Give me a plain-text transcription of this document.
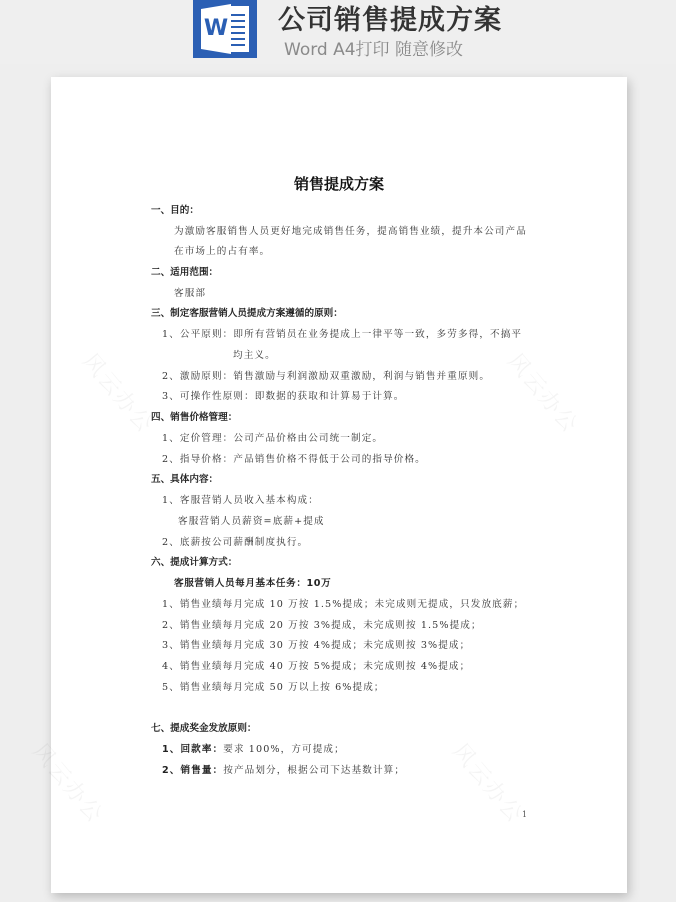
W 公司销售提成方案
Word A4打印 随意修改
销售提成方案
一、目的：
为激励客服销售人员更好地完成销售任务，提高销售业绩，提升本公司产品
在市场上的占有率。
二、适用范围：
客服部
三、制定客服营销人员提成方案遵循的原则：
1、公平原则：即所有营销员在业务提成上一律平等一致，多劳多得，不搞平
均主义。
2、激励原则：销售激励与利润激励双重激励，利润与销售并重原则。
3、可操作性原则：即数据的获取和计算易于计算。
四、销售价格管理：
1、定价管理：公司产品价格由公司统一制定。
2、指导价格：产品销售价格不得低于公司的指导价格。
五、具体内容：
1、客服营销人员收入基本构成：
客服营销人员薪资=底薪+提成
2、底薪按公司薪酬制度执行。
六、提成计算方式：
客服营销人员每月基本任务：10万
1、销售业绩每月完成 10 万按 1.5%提成；未完成则无提成，只发放底薪；
2、销售业绩每月完成 20 万按 3%提成，未完成则按 1.5%提成；
3、销售业绩每月完成 30 万按 4%提成；未完成则按 3%提成；
4、销售业绩每月完成 40 万按 5%提成；未完成则按 4%提成；
5、销售业绩每月完成 50 万以上按 6%提成；
七、提成奖金发放原则：
1、回款率：要求 100%，方可提成；
2、销售量：按产品划分，根据公司下达基数计算；
1
